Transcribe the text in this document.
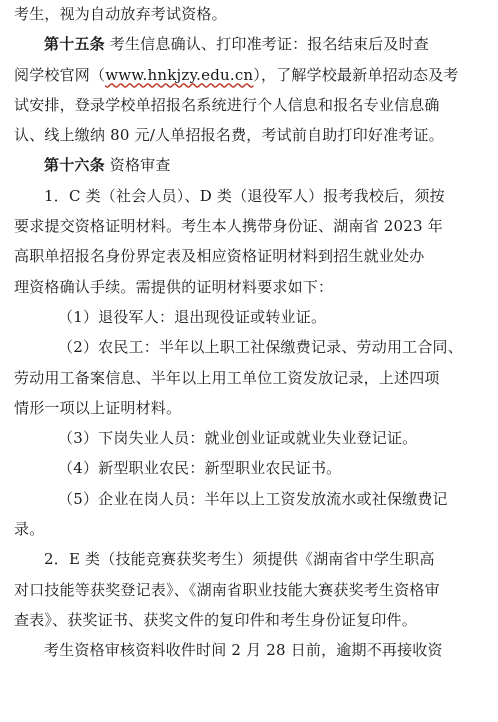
考生，视为自动放弃考试资格。
第十五条 考生信息确认、打印准考证：报名结束后及时查
阅学校官网（www.hnkjzy.edu.cn），了解学校最新单招动态及考
试安排，登录学校单招报名系统进行个人信息和报名专业信息确
认、线上缴纳 80 元/人单招报名费，考试前自助打印好准考证。
第十六条 资格审查
1．C 类（社会人员）、D 类（退役军人）报考我校后，须按
要求提交资格证明材料。考生本人携带身份证、湖南省 2023 年
高职单招报名身份界定表及相应资格证明材料到招生就业处办
理资格确认手续。需提供的证明材料要求如下：
（1）退役军人：退出现役证或转业证。
（2）农民工：半年以上职工社保缴费记录、劳动用工合同、
劳动用工备案信息、半年以上用工单位工资发放记录，上述四项
情形一项以上证明材料。
（3）下岗失业人员：就业创业证或就业失业登记证。
（4）新型职业农民：新型职业农民证书。
（5）企业在岗人员：半年以上工资发放流水或社保缴费记
录。
2．E 类（技能竞赛获奖考生）须提供《湖南省中学生职高
对口技能等获奖登记表》、《湖南省职业技能大赛获奖考生资格审
查表》、获奖证书、获奖文件的复印件和考生身份证复印件。
考生资格审核资料收件时间 2 月 28 日前，逾期不再接收资
